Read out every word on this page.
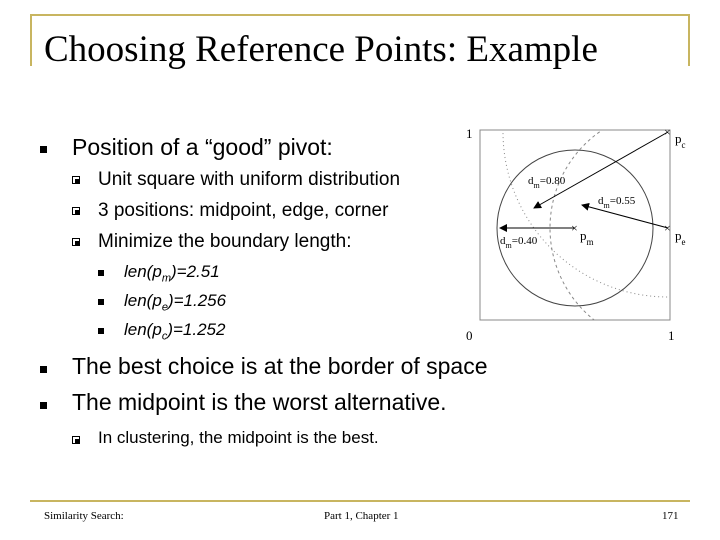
Choosing Reference Points: Example
Position of a “good” pivot:
Unit square with uniform distribution
3 positions: midpoint, edge, corner
Minimize the boundary length:
$len(p_m)=2.51$
$len(p_e)=1.256$
$len(p_c)=1.252$
The best choice is at the border of space
The midpoint is the worst alternative.
In clustering, the midpoint is the best.
×
×
×
$p_c$
$p_e$
$p_m$
$d_m=0.80$
$d_m=0.55$
$d_m=0.40$
1
0	1
Similarity Search:	Part 1, Chapter 1	171
